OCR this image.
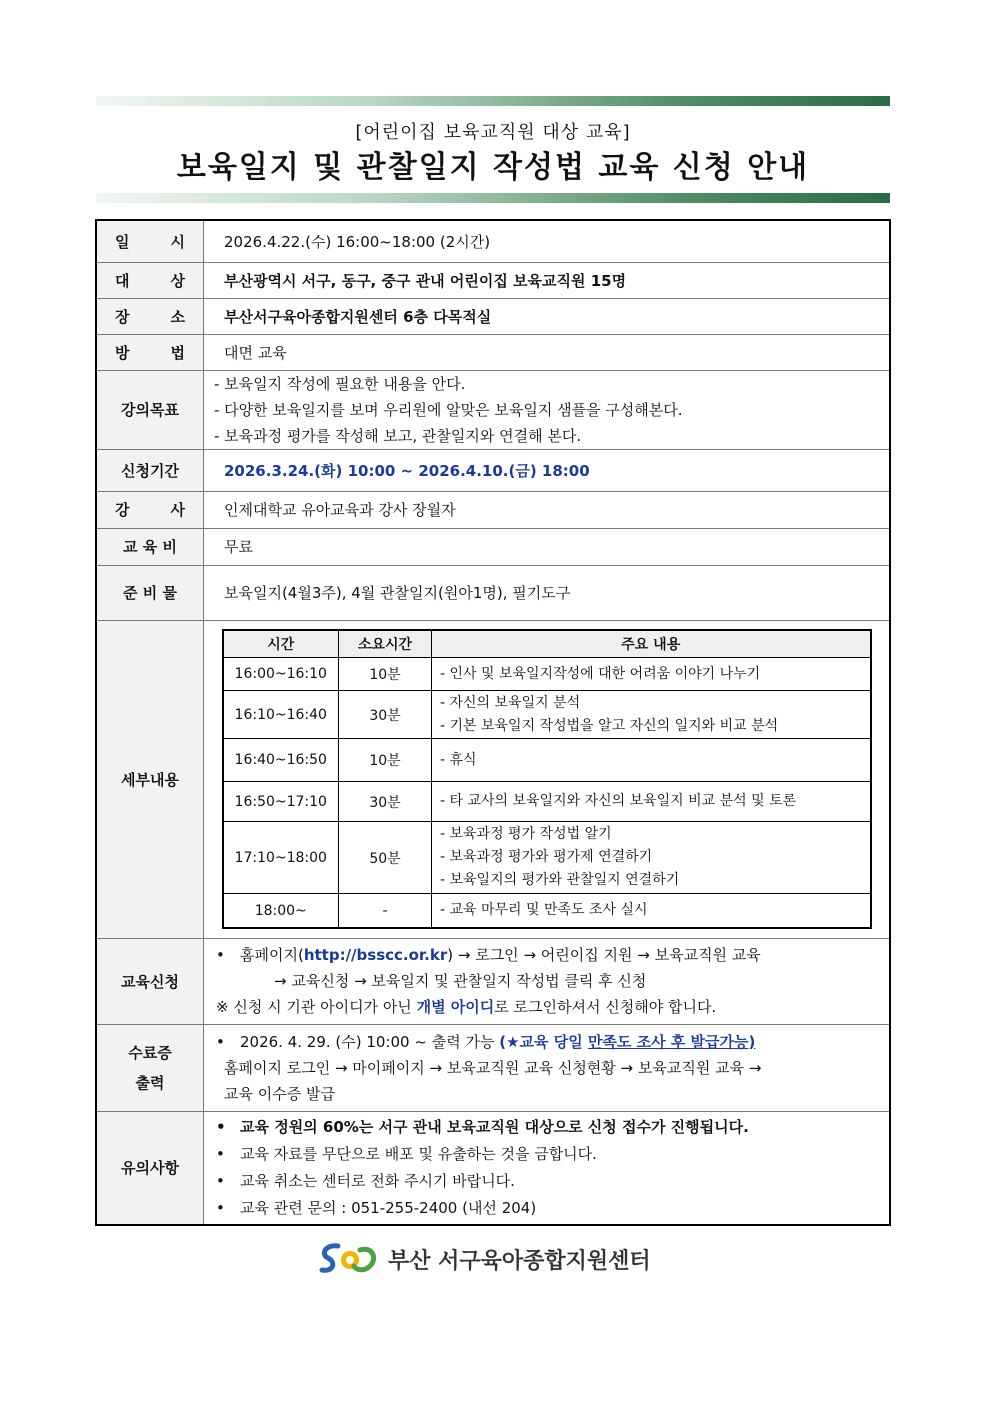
[어린이집 보육교직원 대상 교육]
보육일지 및 관찰일지 작성법 교육 신청 안내
일 시	2026.4.22.(수) 16:00~18:00 (2시간)
대 상	부산광역시 서구, 동구, 중구 관내 어린이집 보육교직원 15명
장 소	부산서구육아종합지원센터 6층 다목적실
방 법	대면 교육
강의목표	
- 보육일지 작성에 필요한 내용을 안다.
- 다양한 보육일지를 보며 우리원에 알맞은 보육일지 샘플을 구성해본다.
- 보육과정 평가를 작성해 보고, 관찰일지와 연결해 본다.

신청기간	2026.3.24.(화) 10:00 ~ 2026.4.10.(금) 18:00
강 사	인제대학교 유아교육과 강사 장월자
교 육 비	무료
준 비 물	보육일지(4월3주), 4월 관찰일지(원아1명), 필기도구
세부내용	
시간	소요시간	주요 내용
16:00~16:10	10분	- 인사 및 보육일지작성에 대한 어려움 이야기 나누기

16:10~16:40	30분	
- 자신의 보육일지 분석
- 기본 보육일지 작성법을 알고 자신의 일지와 비교 분석

16:40~16:50	10분	- 휴식

16:50~17:10	30분	- 타 교사의 보육일지와 자신의 보육일지 비교 분석 및 토론

17:10~18:00	50분	
- 보육과정 평가 작성법 알기
- 보육과정 평가와 평가제 연결하기
- 보육일지의 평가와 관찰일지 연결하기

18:00~	-	- 교육 마무리 및 만족도 조사 실시

교육신청	
• 홈페이지(http://bsscc.or.kr) → 로그인 → 어린이집 지원 → 보육교직원 교육
→ 교육신청 → 보육일지 및 관찰일지 작성법 클릭 후 신청
※ 신청 시 기관 아이디가 아닌 개별 아이디로 로그인하셔서 신청해야 합니다.

수료증
출력

• 2026. 4. 29. (수) 10:00 ~ 출력 가능 (★교육 당일 만족도 조사 후 발급가능)
홈페이지 로그인 → 마이페이지 → 보육교직원 교육 신청현황 → 보육교직원 교육 →
교육 이수증 발급

유의사항	
• 교육 정원의 60%는 서구 관내 보육교직원 대상으로 신청 접수가 진행됩니다.
• 교육 자료를 무단으로 배포 및 유출하는 것을 금합니다.
• 교육 취소는 센터로 전화 주시기 바랍니다.
• 교육 관련 문의 : 051-255-2400 (내선 204)
부산 서구육아종합지원센터
